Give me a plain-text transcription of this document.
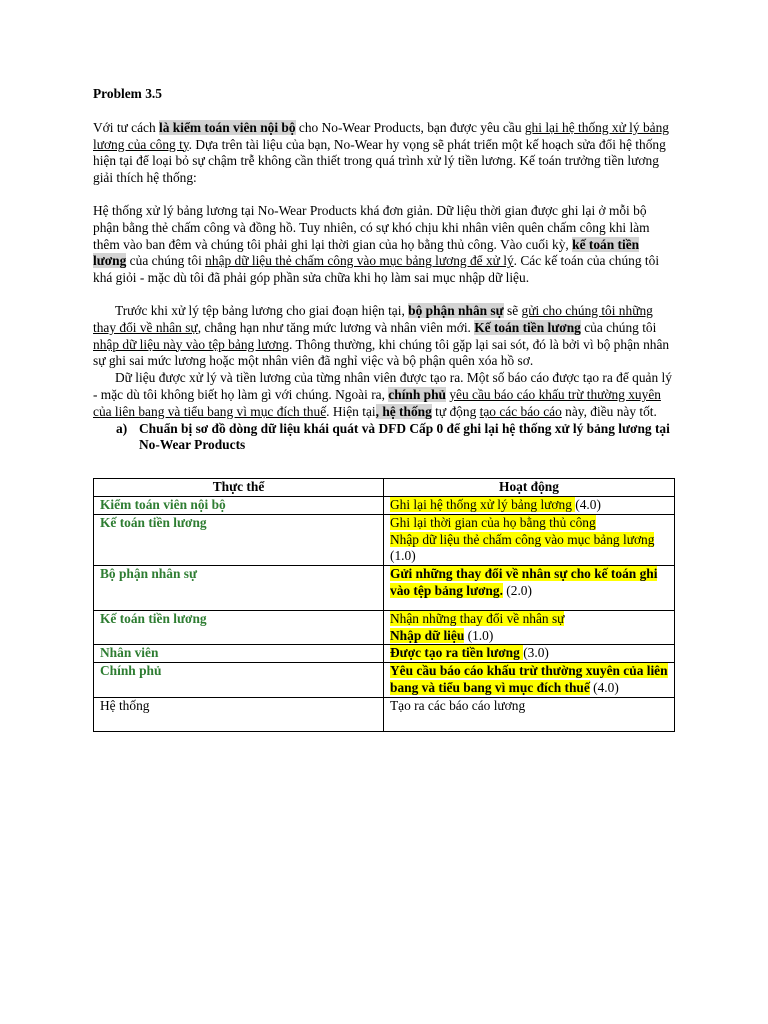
Problem 3.5

Với tư cách là kiểm toán viên nội bộ cho No-Wear Products, bạn được yêu cầu ghi lại hệ thống xử lý bảng lương của công ty. Dựa trên tài liệu của bạn, No-Wear hy vọng sẽ phát triển một kế hoạch sửa đổi hệ thống hiện tại để loại bỏ sự chậm trễ không cần thiết trong quá trình xử lý tiền lương. Kế toán trưởng tiền lương giải thích hệ thống:

Hệ thống xử lý bảng lương tại No-Wear Products khá đơn giản. Dữ liệu thời gian được ghi lại ở mỗi bộ phận bằng thẻ chấm công và đồng hồ. Tuy nhiên, có sự khó chịu khi nhân viên quên chấm công khi làm thêm vào ban đêm và chúng tôi phải ghi lại thời gian của họ bằng thủ công. Vào cuối kỳ, kế toán tiền lương của chúng tôi nhập dữ liệu thẻ chấm công vào mục bảng lương để xử lý. Các kế toán của chúng tôi khá giỏi - mặc dù tôi đã phải góp phần sửa chữa khi họ làm sai mục nhập dữ liệu.

Trước khi xử lý tệp bảng lương cho giai đoạn hiện tại, bộ phận nhân sự sẽ gửi cho chúng tôi những thay đổi về nhân sự, chẳng hạn như tăng mức lương và nhân viên mới. Kế toán tiền lương của chúng tôi nhập dữ liệu này vào tệp bảng lương. Thông thường, khi chúng tôi gặp lại sai sót, đó là bởi vì bộ phận nhân sự ghi sai mức lương hoặc một nhân viên đã nghỉ việc và bộ phận quên xóa hồ sơ.

Dữ liệu được xử lý và tiền lương của từng nhân viên được tạo ra. Một số báo cáo được tạo ra để quản lý - mặc dù tôi không biết họ làm gì với chúng. Ngoài ra, chính phủ yêu cầu báo cáo khấu trừ thường xuyên của liên bang và tiểu bang vì mục đích thuế. Hiện tại, hệ thống tự động tạo các báo cáo này, điều này tốt.

a) Chuẩn bị sơ đồ dòng dữ liệu khái quát và DFD Cấp 0 để ghi lại hệ thống xử lý bảng lương tại No-Wear Products
Thực thể	Hoạt động
Kiểm toán viên nội bộ	Ghi lại hệ thống xử lý bảng lương (4.0)
Kế toán tiền lương	Ghi lại thời gian của họ bằng thủ công
Nhập dữ liệu thẻ chấm công vào mục bảng lương (1.0)
Bộ phận nhân sự	Gửi những thay đổi về nhân sự cho kế toán ghi vào tệp bảng lương. (2.0)
Kế toán tiền lương	Nhận những thay đổi về nhân sự
Nhập dữ liệu (1.0)
Nhân viên	Được tạo ra tiền lương (3.0)
Chính phủ	Yêu cầu báo cáo khấu trừ thường xuyên của liên bang và tiểu bang vì mục đích thuế (4.0)
Hệ thống	Tạo ra các báo cáo lương
